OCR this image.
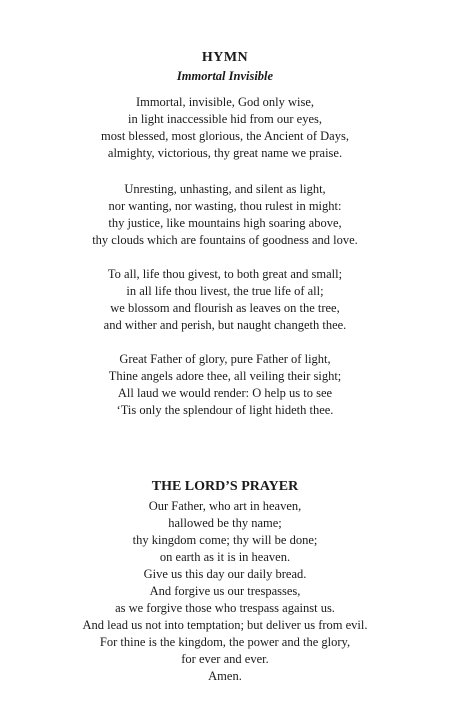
HYMN
Immortal Invisible
Immortal, invisible, God only wise,
in light inaccessible hid from our eyes,
most blessed, most glorious, the Ancient of Days,
almighty, victorious, thy great name we praise.
Unresting, unhasting, and silent as light,
nor wanting, nor wasting, thou rulest in might:
thy justice, like mountains high soaring above,
thy clouds which are fountains of goodness and love.
To all, life thou givest, to both great and small;
in all life thou livest, the true life of all;
we blossom and flourish as leaves on the tree,
and wither and perish, but naught changeth thee.
Great Father of glory, pure Father of light,
Thine angels adore thee, all veiling their sight;
All laud we would render: O help us to see
‘Tis only the splendour of light hideth thee.
THE LORD’S PRAYER
Our Father, who art in heaven,
hallowed be thy name;
thy kingdom come; thy will be done;
on earth as it is in heaven.
Give us this day our daily bread.
And forgive us our trespasses,
as we forgive those who trespass against us.
And lead us not into temptation; but deliver us from evil.
For thine is the kingdom, the power and the glory,
for ever and ever.
Amen.
